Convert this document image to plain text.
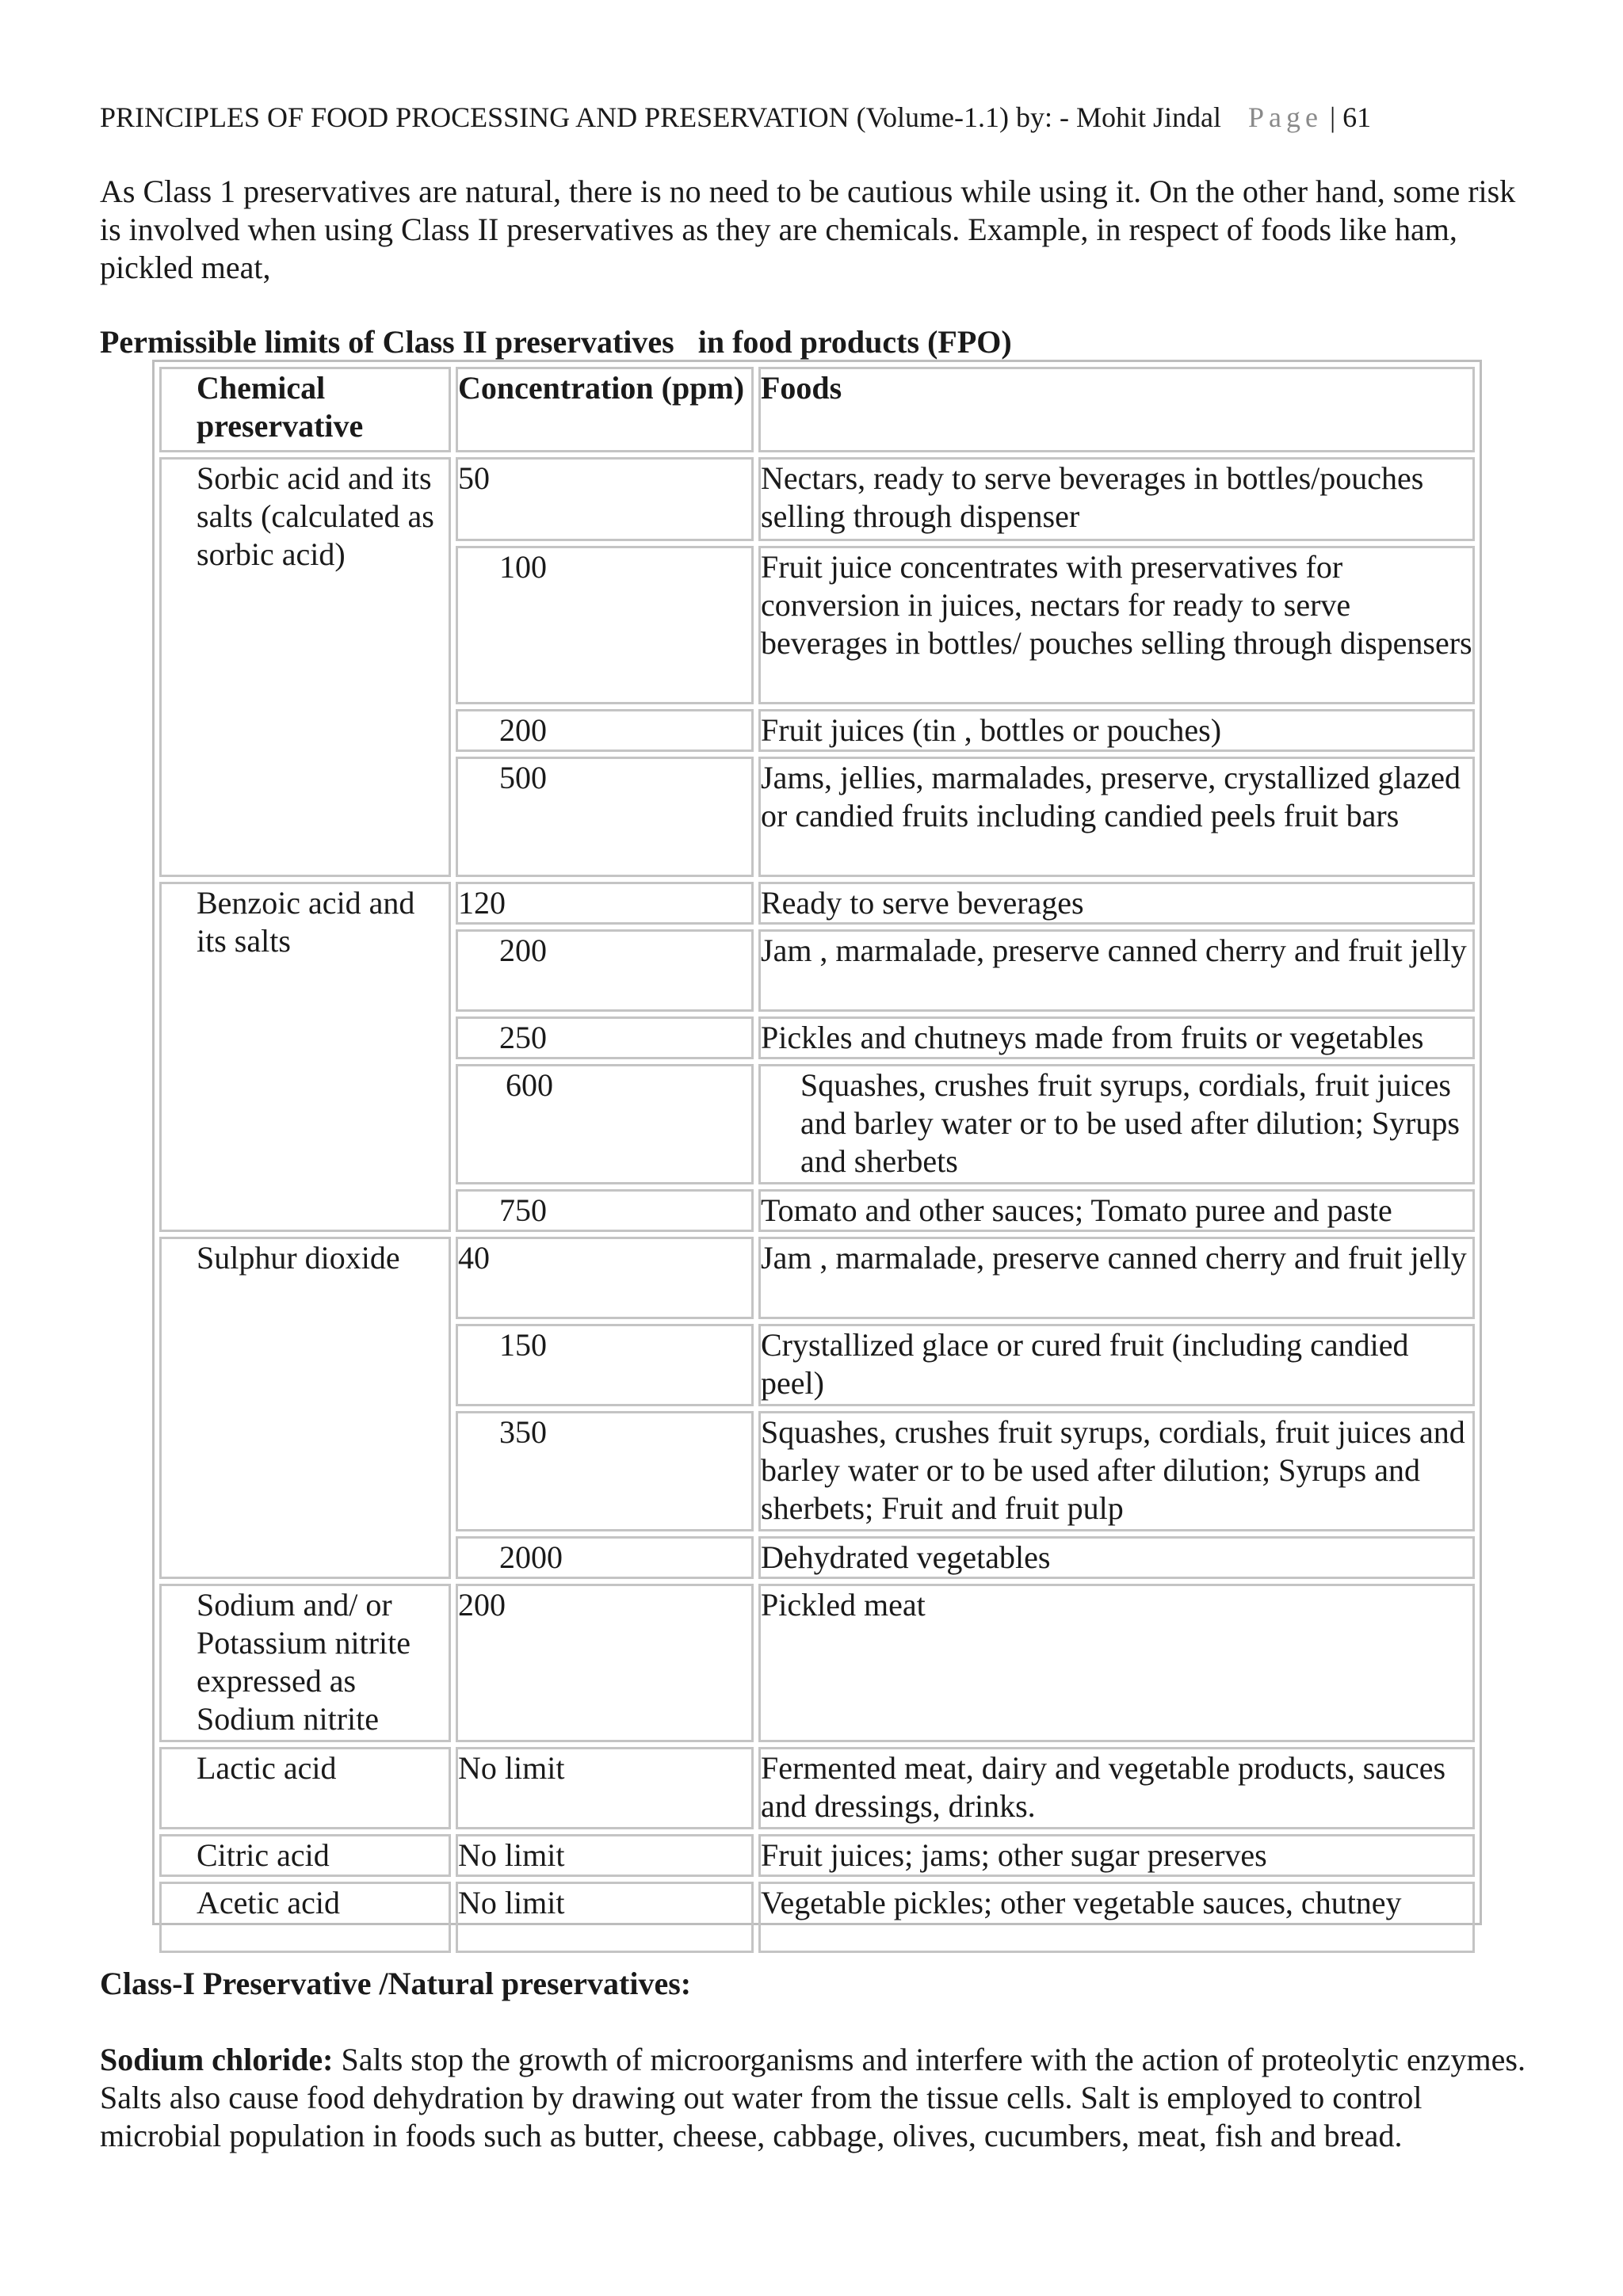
PRINCIPLES OF FOOD PROCESSING AND PRESERVATION (Volume-1.1) by: - Mohit Jindal Page | 61

As Class 1 preservatives are natural, there is no need to be cautious while using it. On the other hand, some risk is involved when using Class II preservatives as they are chemicals. Example, in respect of foods like ham, pickled meat,

Permissible limits of Class II preservatives   in food products (FPO)
Chemical preservative	Concentration (ppm)	Foods
Sorbic acid and its salts (calculated as sorbic acid)	50	Nectars, ready to serve beverages in bottles/pouches selling through dispenser

	100	Fruit juice concentrates with preservatives for conversion in juices, nectars for ready to serve beverages in bottles/ pouches selling through dispensers

	200	Fruit juices (tin , bottles or pouches)

	500	Jams, jellies, marmalades, preserve, crystallized glazed or candied fruits including candied peels fruit bars
Benzoic acid and its salts	120	Ready to serve beverages

	200	Jam , marmalade, preserve canned cherry and fruit jelly

	250	Pickles and chutneys made from fruits or vegetables

	600	Squashes, crushes fruit syrups, cordials, fruit juices and barley water or to be used after dilution; Syrups and sherbets

	750	Tomato and other sauces; Tomato puree and paste
Sulphur dioxide	40	Jam , marmalade, preserve canned cherry and fruit jelly

	150	Crystallized glace or cured fruit (including candied peel)

	350	Squashes, crushes fruit syrups, cordials, fruit juices and barley water or to be used after dilution; Syrups and sherbets; Fruit and fruit pulp

	2000	Dehydrated vegetables
Sodium and/ or Potassium nitrite expressed as Sodium nitrite	200	Pickled meat
Lactic acid	No limit	Fermented meat, dairy and vegetable products, sauces and dressings, drinks.
Citric acid	No limit	Fruit juices; jams; other sugar preserves
Acetic acid	No limit	Vegetable pickles; other vegetable sauces, chutney
Class-I Preservative /Natural preservatives:

Sodium chloride: Salts stop the growth of microorganisms and interfere with the action of proteolytic enzymes. Salts also cause food dehydration by drawing out water from the tissue cells. Salt is employed to control microbial population in foods such as butter, cheese, cabbage, olives, cucumbers, meat, fish and bread.
